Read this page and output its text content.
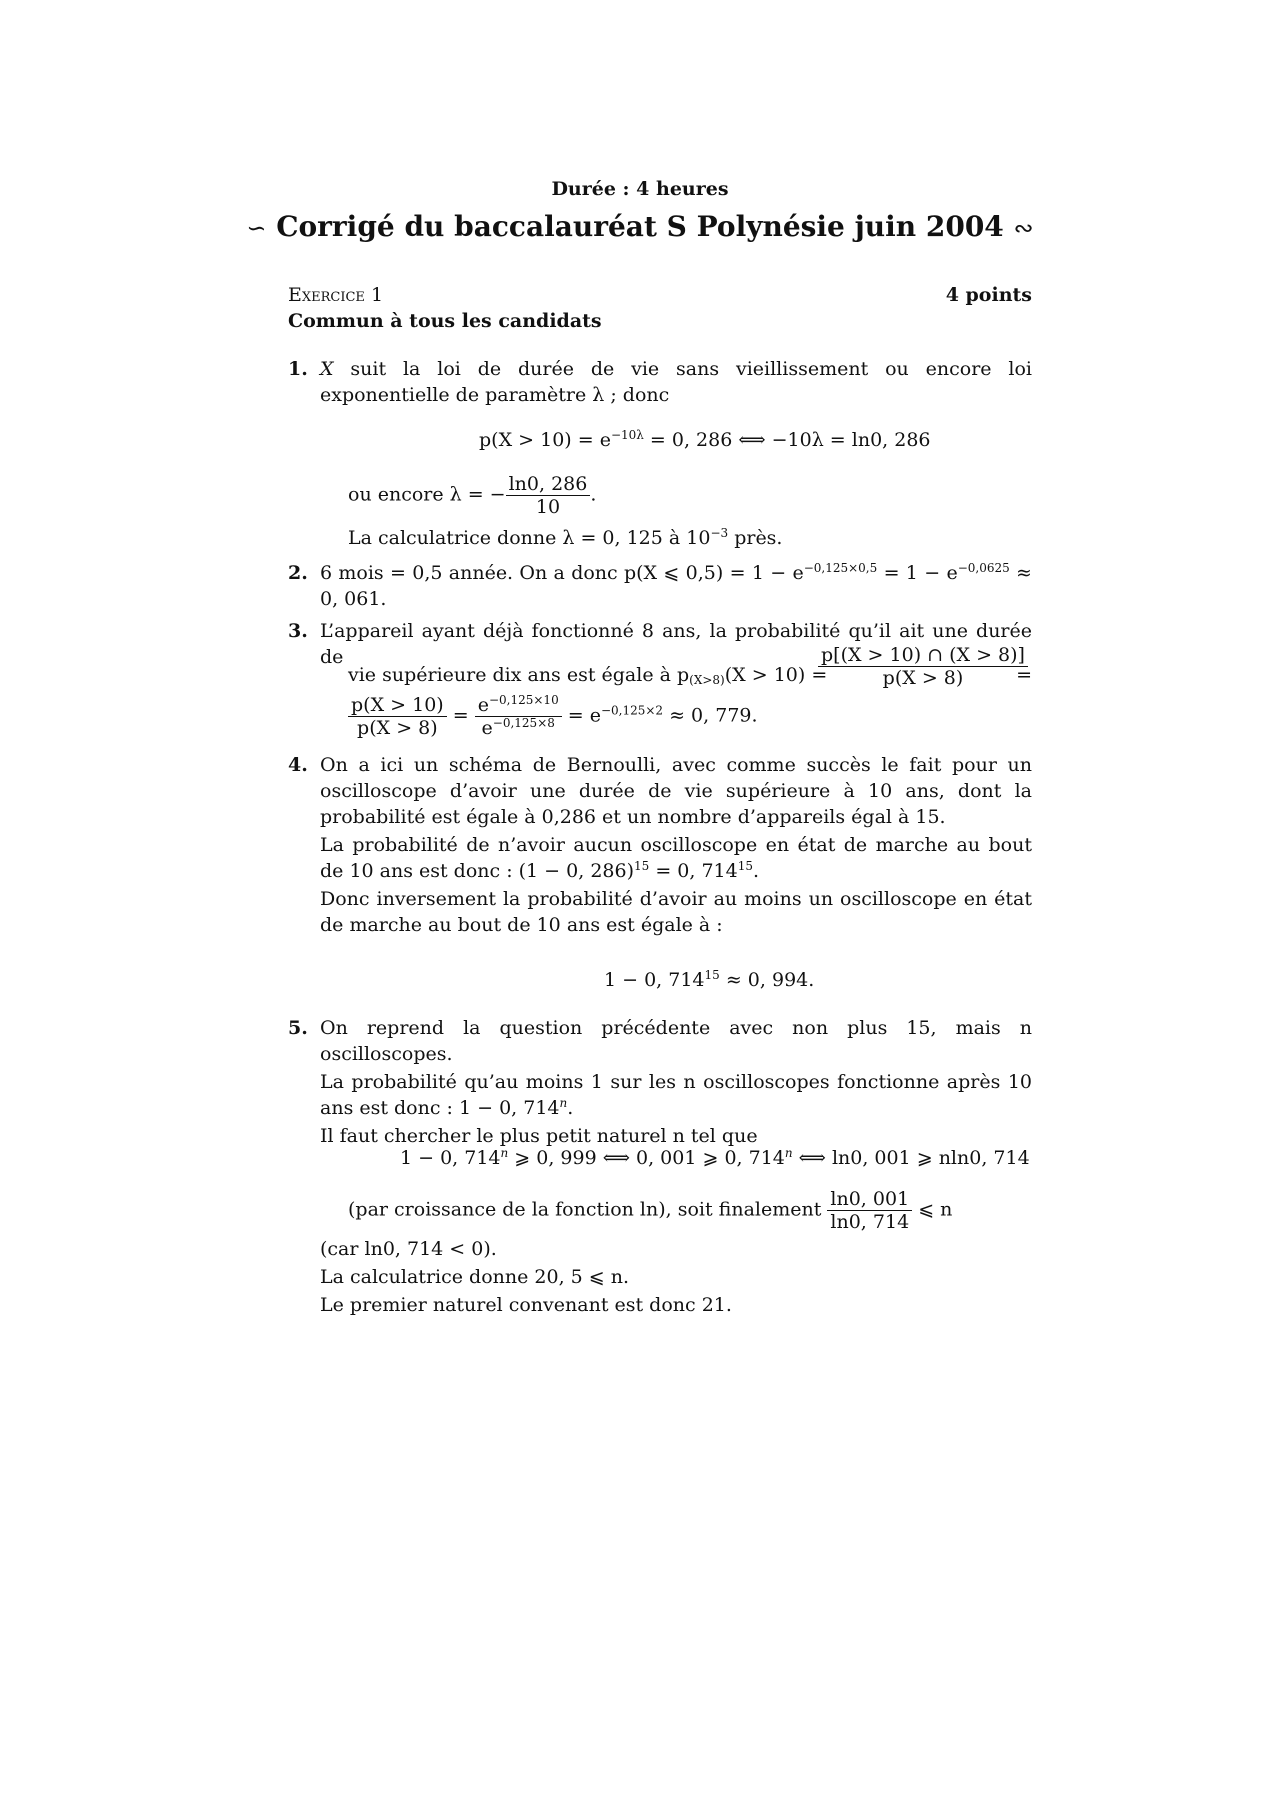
Durée : 4 heures
∽ Corrigé du baccalauréat S Polynésie juin 2004 ∾
Exercice 1	4 points
Commun à tous les candidats
1. X suit la loi de durée de vie sans vieillissement ou encore loi exponentielle de paramètre λ ; donc
$p(X > 10) = e^{-10\lambda} = 0$, 286 ⟺ −10λ = ln0, 286
ou encore λ = − $\frac{\ln 0, 286}{10}$ .
La calculatrice donne λ = 0, 125 à $10^{-3}$ près.
2. 6 mois = 0,5 année. On a donc p(X ⩽ $0,5) = 1 - e^{-0,125\times 0,5} = 1 - e^{-0,0625} \approx 0$, 061.
3. L’appareil ayant déjà fonctionné 8 ans, la probabilité qu’il ait une durée de
vie supérieure dix ans est égale à $p_{(X>8)}(X > 10)$ =
$\frac{p[(X > 10) \cap (X > 8)]}{p(X > 8)}$
=
$\frac{p(X > 10)}{p(X > 8)} = \frac{e^{-0,125\times 10}}{e^{-0,125\times 8}} = e^{-0,125\times 2} \approx 0$, 779.
4. On a ici un schéma de Bernoulli, avec comme succès le fait pour un oscilloscope d’avoir une durée de vie supérieure à 10 ans, dont la probabilité est égale à 0,286 et un nombre d’appareils égal à 15.
La probabilité de n’avoir aucun oscilloscope en état de marche au bout de 10 ans est donc : (1 − 0, 286)$^{15}$ = 0, $714^{15}$.
Donc inversement la probabilité d’avoir au moins un oscilloscope en état de marche au bout de 10 ans est égale à :
1 − 0, $714^{15} \approx 0$, 994.
5. On reprend la question précédente avec non plus 15, mais n oscilloscopes.
La probabilité qu’au moins 1 sur les n oscilloscopes fonctionne après 10 ans est donc : 1 − 0, 714$^n$.
Il faut chercher le plus petit naturel n tel que
1 − 0, 714$^n$ ⩾ 0, 999 ⟺ 0, 001 ⩾ 0, 714$^n$ ⟺ ln0, 001 ⩾ nln0, 714
(par croissance de la fonction ln), soit finalement $\frac{\ln 0, 001}{\ln 0, 714}$ ⩽ n
(car ln0, 714 < 0).
La calculatrice donne 20, 5 ⩽ n.
Le premier naturel convenant est donc 21.
